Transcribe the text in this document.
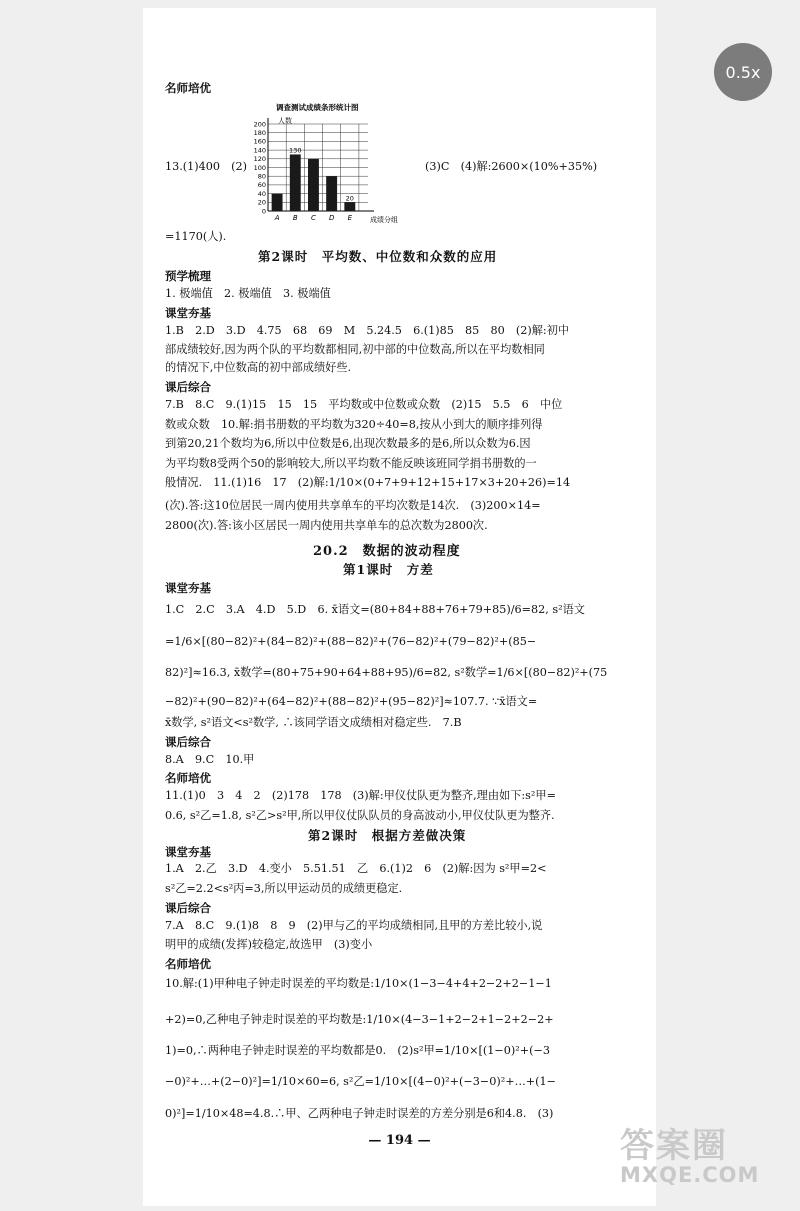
名师培优
13.(1)400　(2)	(3)C　(4)解:2600×(10%+35%)
=1170(人).
调查测试成绩条形统计图
人数
成绩分组
0
20
40
60
80
100
120
140
160
180
200
A B
130
C D E
20
第2课时　平均数、中位数和众数的应用
预学梳理
1. 极端值　2. 极端值　3. 极端值
课堂夯基
1.B　2.D　3.D　4.75　68　69　M　5.24.5　6.(1)85　85　80　(2)解:初中
部成绩较好,因为两个队的平均数都相同,初中部的中位数高,所以在平均数相同
的情况下,中位数高的初中部成绩好些.
课后综合
7.B　8.C　9.(1)15　15　15　平均数或中位数或众数　(2)15　5.5　6　中位
数或众数　10.解:捐书册数的平均数为320÷40=8,按从小到大的顺序排列得
到第20,21个数均为6,所以中位数是6,出现次数最多的是6,所以众数为6.因
为平均数8受两个50的影响较大,所以平均数不能反映该班同学捐书册数的一
般情况.　11.(1)16　17　(2)解:1/10×(0+7+9+12+15+17×3+20+26)=14
(次).答:这10位居民一周内使用共享单车的平均次数是14次.　(3)200×14=
2800(次).答:该小区居民一周内使用共享单车的总次数为2800次.
20.2　数据的波动程度
第1课时　方差
课堂夯基
1.C　2.C　3.A　4.D　5.D　6. x̄语文=(80+84+88+76+79+85)/6=82, s²语文
=1/6×[(80−82)²+(84−82)²+(88−82)²+(76−82)²+(79−82)²+(85−
82)²]≈16.3, x̄数学=(80+75+90+64+88+95)/6=82, s²数学=1/6×[(80−82)²+(75
−82)²+(90−82)²+(64−82)²+(88−82)²+(95−82)²]≈107.7. ∵x̄语文=
x̄数学, s²语文<s²数学, ∴该同学语文成绩相对稳定些.　7.B
课后综合
8.A　9.C　10.甲
名师培优
11.(1)0　3　4　2　(2)178　178　(3)解:甲仪仗队更为整齐,理由如下:s²甲=
0.6, s²乙=1.8, s²乙>s²甲,所以甲仪仗队队员的身高波动小,甲仪仗队更为整齐.
第2课时　根据方差做决策
课堂夯基
1.A　2.乙　3.D　4.变小　5.51.51　乙　6.(1)2　6　(2)解:因为 s²甲=2<
s²乙=2.2<s²丙=3,所以甲运动员的成绩更稳定.
课后综合
7.A　8.C　9.(1)8　8　9　(2)甲与乙的平均成绩相同,且甲的方差比较小,说
明甲的成绩(发挥)较稳定,故选甲　(3)变小
名师培优
10.解:(1)甲种电子钟走时误差的平均数是:1/10×(1−3−4+4+2−2+2−1−1
+2)=0,乙种电子钟走时误差的平均数是:1/10×(4−3−1+2−2+1−2+2−2+
1)=0,∴两种电子钟走时误差的平均数都是0.　(2)s²甲=1/10×[(1−0)²+(−3
−0)²+…+(2−0)²]=1/10×60=6, s²乙=1/10×[(4−0)²+(−3−0)²+…+(1−
0)²]=1/10×48=4.8.∴甲、乙两种电子钟走时误差的方差分别是6和4.8.　(3)
— 194 —
0.5x
答案圈
MXQE.COM
